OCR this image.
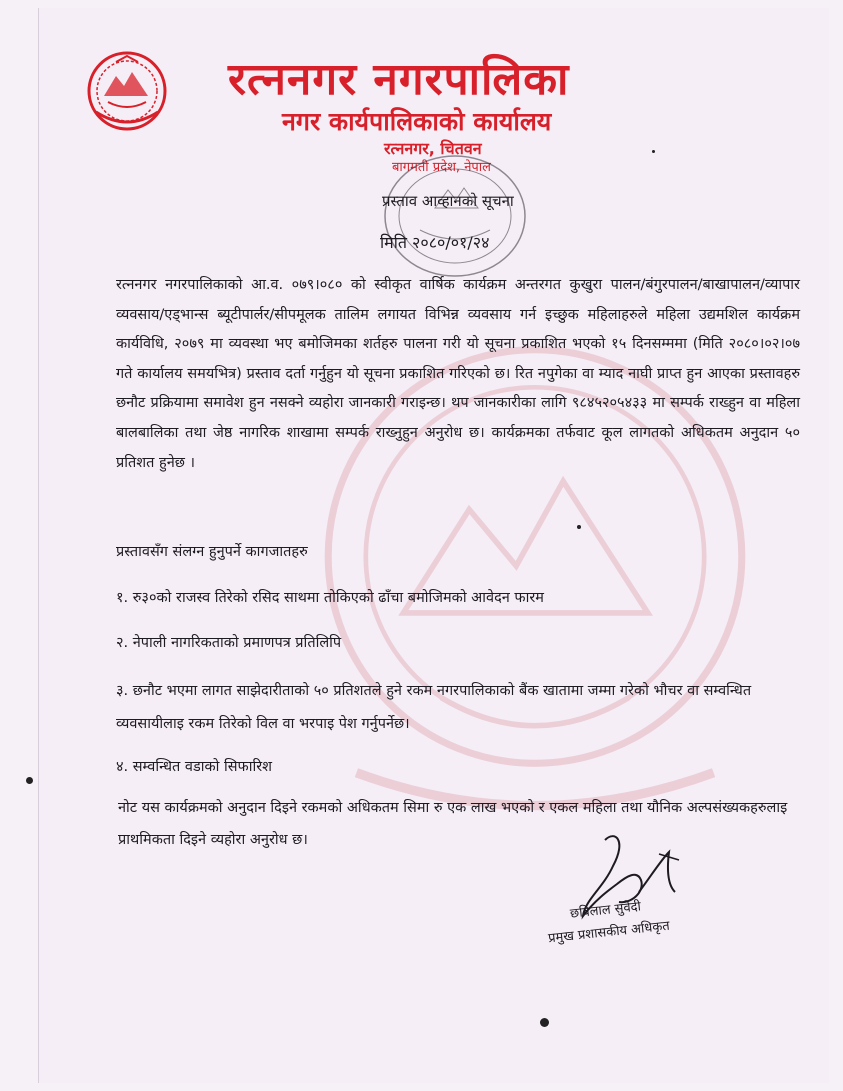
रत्ननगर नगरपालिका
नगर कार्यपालिकाको कार्यालय
रत्ननगर, चितवन
बागमती प्रदेश, नेपाल
प्रस्ताव आव्हानको सूचना
मिति २०८०/०१/२४
रत्ननगर नगरपालिकाको आ.व. ०७९।०८० को स्वीकृत वार्षिक कार्यक्रम अन्तरगत कुखुरा पालन/बंगुरपालन/बाखापालन/व्यापार व्यवसाय/एड्भान्स ब्यूटीपार्लर/सीपमूलक तालिम लगायत विभिन्न व्यवसाय गर्न इच्छुक महिलाहरुले महिला उद्यमशिल कार्यक्रम कार्यविधि, २०७९ मा व्यवस्था भए बमोजिमका शर्तहरु पालना गरी यो सूचना प्रकाशित भएको १५ दिनसम्ममा (मिति २०८०।०२।०७ गते कार्यालय समयभित्र) प्रस्ताव दर्ता गर्नुहुन यो सूचना प्रकाशित गरिएको छ। रित नपुगेका वा म्याद नाघी प्राप्त हुन आएका प्रस्तावहरु छनौट प्रक्रियामा समावेश हुन नसक्ने व्यहोरा जानकारी गराइन्छ। थप जानकारीका लागि ९८४५२०५४३३ मा सम्पर्क राख्हुन वा महिला बालबालिका तथा जेष्ठ नागरिक शाखामा सम्पर्क राख्नुहुन अनुरोध छ। कार्यक्रमका तर्फवाट कूल लागतको अधिकतम अनुदान ५० प्रतिशत हुनेछ ।
प्रस्तावसँग संलग्न हुनुपर्ने कागजातहरु
१. रु३०को राजस्व तिरेको रसिद साथमा तोकिएको ढाँचा बमोजिमको आवेदन फारम
२. नेपाली नागरिकताको प्रमाणपत्र प्रतिलिपि
३. छनौट भएमा लागत साझेदारीताको ५० प्रतिशतले हुने रकम नगरपालिकाको बैंक खातामा जम्मा गरेको भौचर वा सम्वन्धित व्यवसायीलाइ रकम तिरेको विल वा भरपाइ पेश गर्नुपर्नेछ।
४. सम्वन्धित वडाको सिफारिश
नोट यस कार्यक्रमको अनुदान दिइने रकमको अधिकतम सिमा रु एक लाख भएको र एकल महिला तथा यौनिक अल्पसंख्यकहरुलाइ प्राथमिकता दिइने व्यहोरा अनुरोध छ।
छविलाल सुवेदी
प्रमुख प्रशासकीय अधिकृत
